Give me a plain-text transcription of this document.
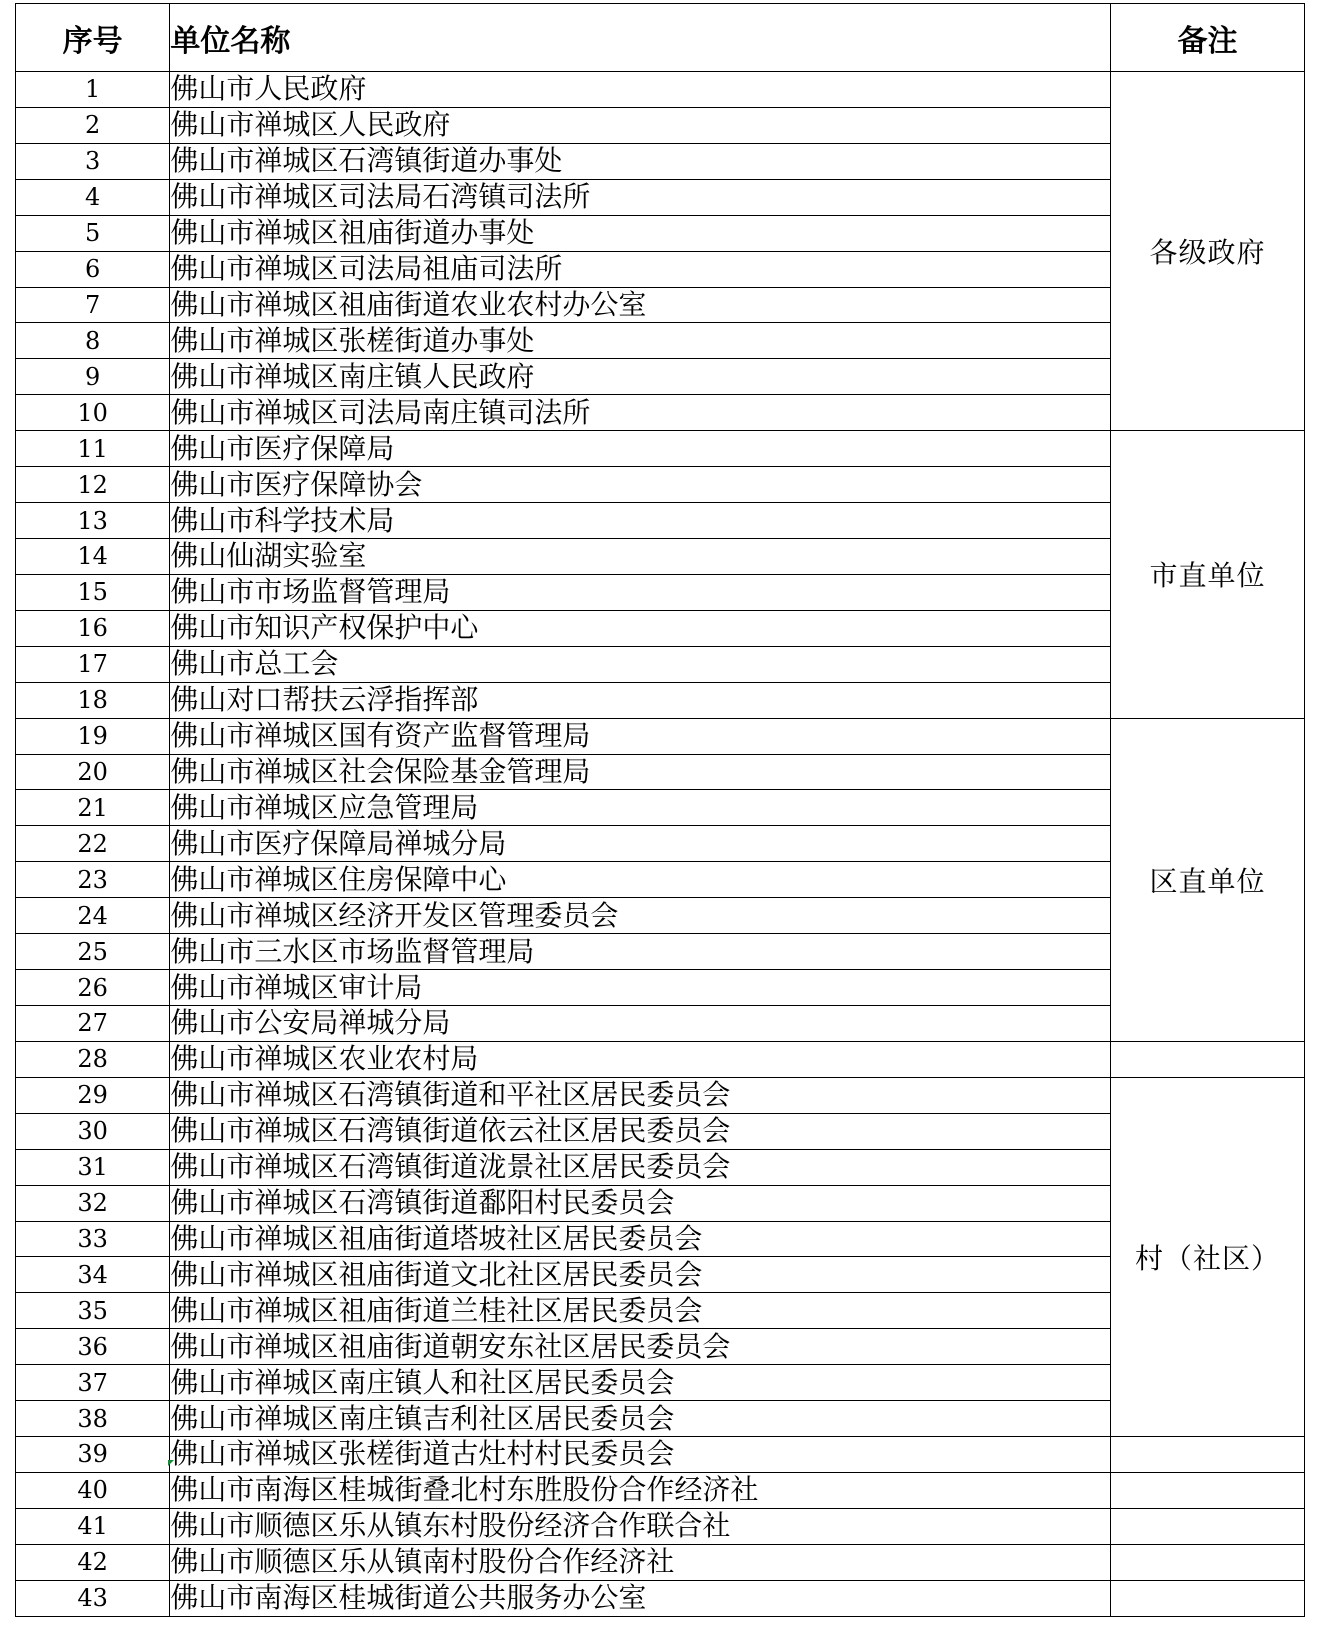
序号	单位名称	备注
1	佛山市人民政府	各级政府
2	佛山市禅城区人民政府	
3	佛山市禅城区石湾镇街道办事处	
4	佛山市禅城区司法局石湾镇司法所	
5	佛山市禅城区祖庙街道办事处	
6	佛山市禅城区司法局祖庙司法所	
7	佛山市禅城区祖庙街道农业农村办公室	
8	佛山市禅城区张槎街道办事处	
9	佛山市禅城区南庄镇人民政府	
10	佛山市禅城区司法局南庄镇司法所	
11	佛山市医疗保障局	市直单位
12	佛山市医疗保障协会	
13	佛山市科学技术局	
14	佛山仙湖实验室	
15	佛山市市场监督管理局	
16	佛山市知识产权保护中心	
17	佛山市总工会	
18	佛山对口帮扶云浮指挥部	
19	佛山市禅城区国有资产监督管理局	区直单位
20	佛山市禅城区社会保险基金管理局	
21	佛山市禅城区应急管理局	
22	佛山市医疗保障局禅城分局	
23	佛山市禅城区住房保障中心	
24	佛山市禅城区经济开发区管理委员会	
25	佛山市三水区市场监督管理局	
26	佛山市禅城区审计局	
27	佛山市公安局禅城分局	
28	佛山市禅城区农业农村局	
29	佛山市禅城区石湾镇街道和平社区居民委员会	村（社区）
30	佛山市禅城区石湾镇街道依云社区居民委员会	
31	佛山市禅城区石湾镇街道泷景社区居民委员会	
32	佛山市禅城区石湾镇街道鄱阳村民委员会	
33	佛山市禅城区祖庙街道塔坡社区居民委员会	
34	佛山市禅城区祖庙街道文北社区居民委员会	
35	佛山市禅城区祖庙街道兰桂社区居民委员会	
36	佛山市禅城区祖庙街道朝安东社区居民委员会	
37	佛山市禅城区南庄镇人和社区居民委员会	
38	佛山市禅城区南庄镇吉利社区居民委员会	
39	佛山市禅城区张槎街道古灶村村民委员会	
40	佛山市南海区桂城街叠北村东胜股份合作经济社	
41	佛山市顺德区乐从镇东村股份经济合作联合社	
42	佛山市顺德区乐从镇南村股份合作经济社	
43	佛山市南海区桂城街道公共服务办公室	
